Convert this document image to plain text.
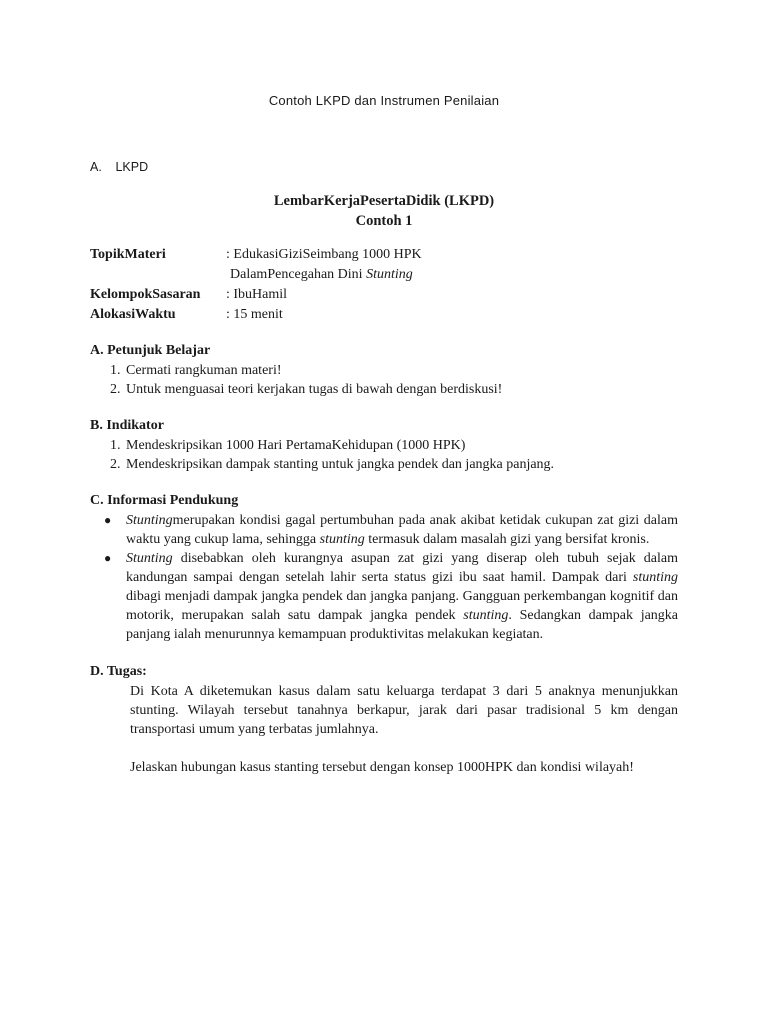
Contoh LKPD dan Instrumen Penilaian
A. LKPD
LembarKerjaPesertaDidik (LKPD)
Contoh 1
TopikMateri	: EdukasiGiziSeimbang 1000 HPK
DalamPencegahan Dini Stunting
KelompokSasaran	: IbuHamil
AlokasiWaktu	: 15 menit
A. Petunjuk Belajar
1. Cermati rangkuman materi!
2. Untuk menguasai teori kerjakan tugas di bawah dengan berdiskusi!
B. Indikator
1. Mendeskripsikan 1000 Hari PertamaKehidupan (1000 HPK)
2. Mendeskripsikan dampak stanting untuk jangka pendek dan jangka panjang.
C. Informasi Pendukung
●	Stuntingmerupakan kondisi gagal pertumbuhan pada anak akibat ketidak cukupan zat gizi dalam waktu yang cukup lama, sehingga stunting termasuk dalam masalah gizi yang bersifat kronis.
●	Stunting disebabkan oleh kurangnya asupan zat gizi yang diserap oleh tubuh sejak dalam kandungan sampai dengan setelah lahir serta status gizi ibu saat hamil. Dampak dari stunting dibagi menjadi dampak jangka pendek dan jangka panjang. Gangguan perkembangan kognitif dan motorik, merupakan salah satu dampak jangka pendek stunting. Sedangkan dampak jangka panjang ialah menurunnya kemampuan produktivitas melakukan kegiatan.
D. Tugas:
Di Kota A diketemukan kasus dalam satu keluarga terdapat 3 dari 5 anaknya menunjukkan stunting. Wilayah tersebut tanahnya berkapur, jarak dari pasar tradisional 5 km dengan transportasi umum yang terbatas jumlahnya.
Jelaskan hubungan kasus stanting tersebut dengan konsep 1000HPK dan kondisi wilayah!
